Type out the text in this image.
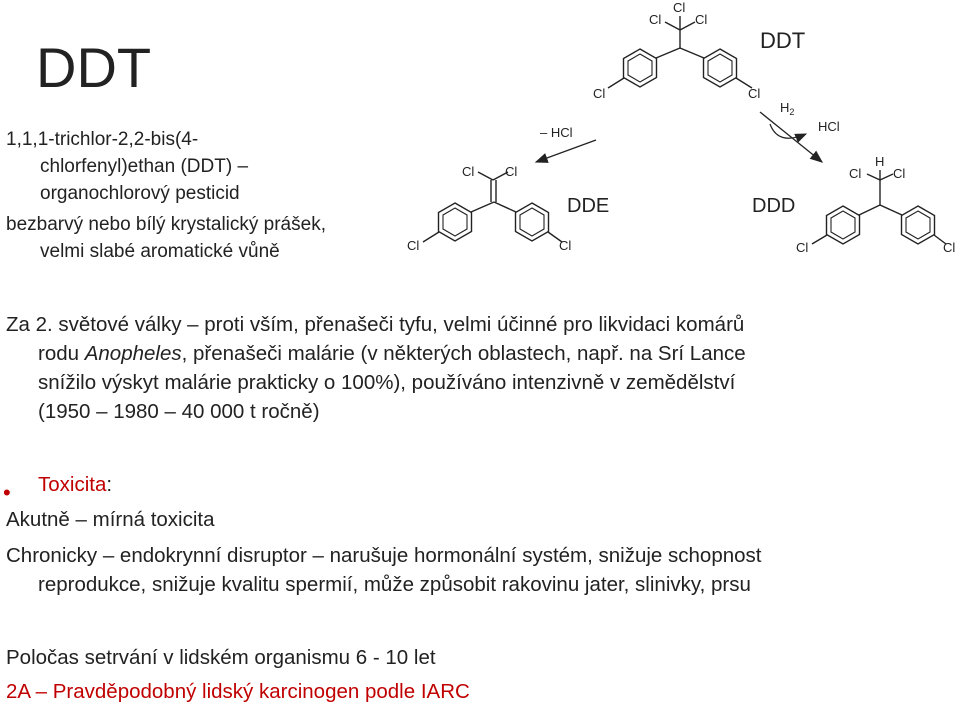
DDT
1,1,1-trichlor-2,2-bis(4-
chlorfenyl)ethan (DDT) –
organochlorový pesticid
bezbarvý nebo bílý krystalický prášek,
velmi slabé aromatické vůně
Cl
Cl	Cl
Cl	Cl
DDT
Cl Cl
Cl	Cl
DDE
– HCl
$H_2$
HCl
DDD
H
Cl Cl
Cl	Cl
Za 2. světové války – proti vším, přenašeči tyfu, velmi účinné pro likvidaci komárů
rodu Anopheles, přenašeči malárie (v některých oblastech, např. na Srí Lance
snížilo výskyt malárie prakticky o 100%), používáno intenzivně v zemědělství
(1950 – 1980 – 40 000 t ročně)
•	Toxicita:
Akutně – mírná toxicita
Chronicky – endokrynní disruptor – narušuje hormonální systém, snižuje schopnost
reprodukce, snižuje kvalitu spermií, může způsobit rakovinu jater, slinivky, prsu
Poločas setrvání v lidském organismu 6 - 10 let
2A – Pravděpodobný lidský karcinogen podle IARC
